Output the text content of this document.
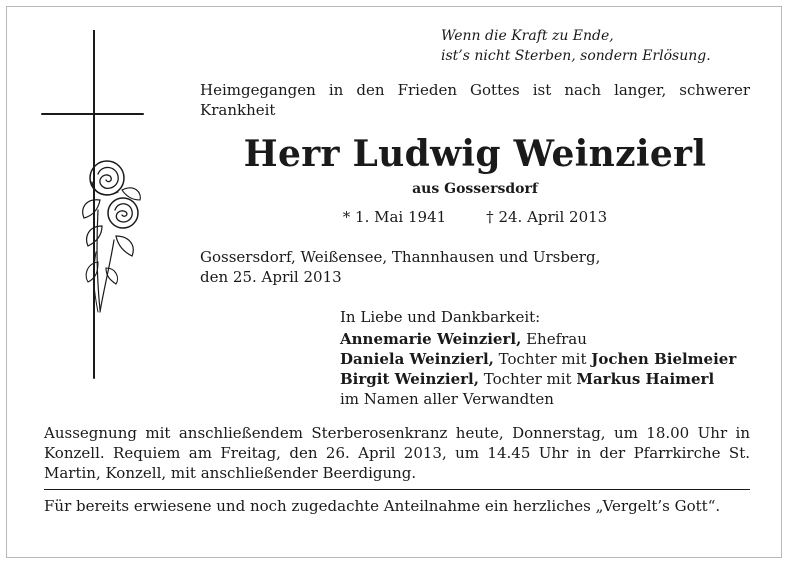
Wenn die Kraft zu Ende,
ist’s nicht Sterben, sondern Erlösung.
Heimgegangen in den Frieden Gottes ist nach langer, schwerer Krankheit
Herr Ludwig Weinzierl
aus Gossersdorf
* 1. Mai 1941	† 24. April 2013
Gossersdorf, Weißensee, Thannhausen und Ursberg,
den 25. April 2013
In Liebe und Dankbarkeit:
Annemarie Weinzierl, Ehefrau
Daniela Weinzierl, Tochter mit Jochen Bielmeier
Birgit Weinzierl, Tochter mit Markus Haimerl
im Namen aller Verwandten
Aussegnung mit anschließendem Sterberosenkranz heute, Donnerstag, um 18.00 Uhr in Konzell. Requiem am Freitag, den 26. April 2013, um 14.45 Uhr in der Pfarrkirche St. Martin, Konzell, mit anschließender Beerdigung.
Für bereits erwiesene und noch zugedachte Anteilnahme ein herzliches „Vergelt’s Gott“.
